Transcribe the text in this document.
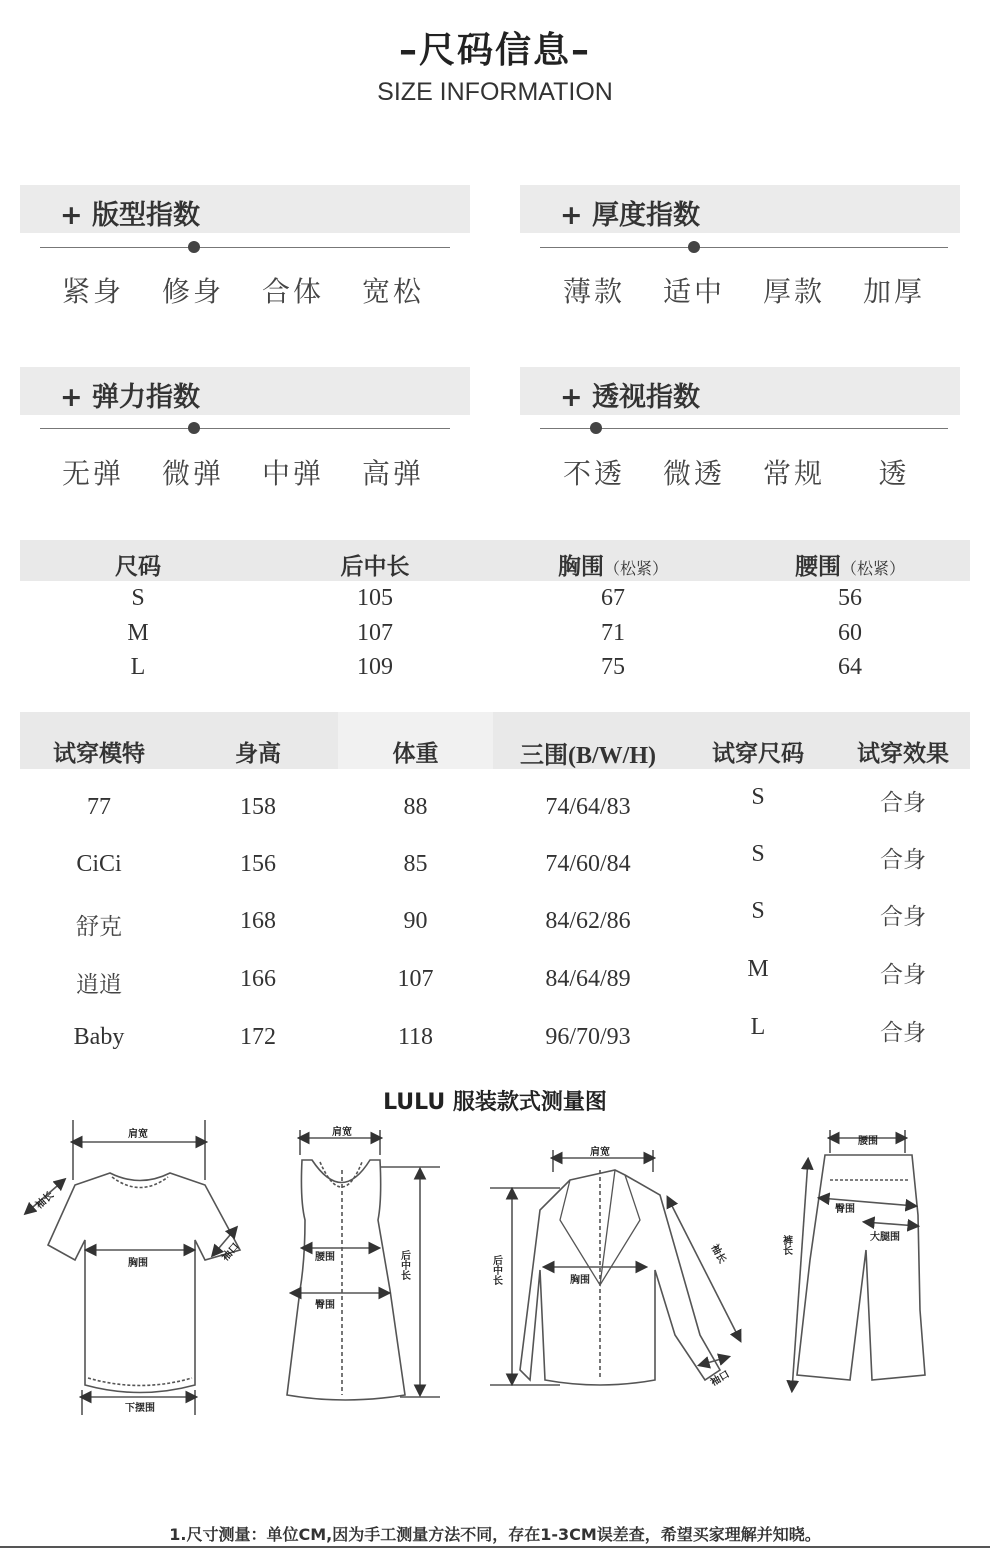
–尺码信息–
SIZE INFORMATION
+ 版型指数
紧身	修身	合体	宽松
+ 厚度指数
薄款	适中	厚款	加厚
+ 弹力指数
无弹	微弹	中弹	高弹
+ 透视指数
不透	微透	常规	透
尺码	后中长	胸围（松紧）	腰围（松紧）
S	105	67	56
M	107	71	60
L	109	75	64
试穿模特	身高	体重	三围(B/W/H)	试穿尺码	试穿效果
77	158	88	74/64/83	S	合身
CiCi	156	85	74/60/84	S	合身
舒克	168	90	84/62/86	S	合身
逍逍	166	107	84/64/89	M	合身
Baby	172	118	96/70/93	L	合身
LULU 服装款式测量图
肩宽
胸围
下摆围
袖长
袖口
肩宽
腰围
臀围
后中长
肩宽
胸围
后中长
袖长
袖口
腰围
臀围
大腿围
裤长
1.尺寸测量：单位CM,因为手工测量方法不同，存在1-3CM误差查，希望买家理解并知晓。
